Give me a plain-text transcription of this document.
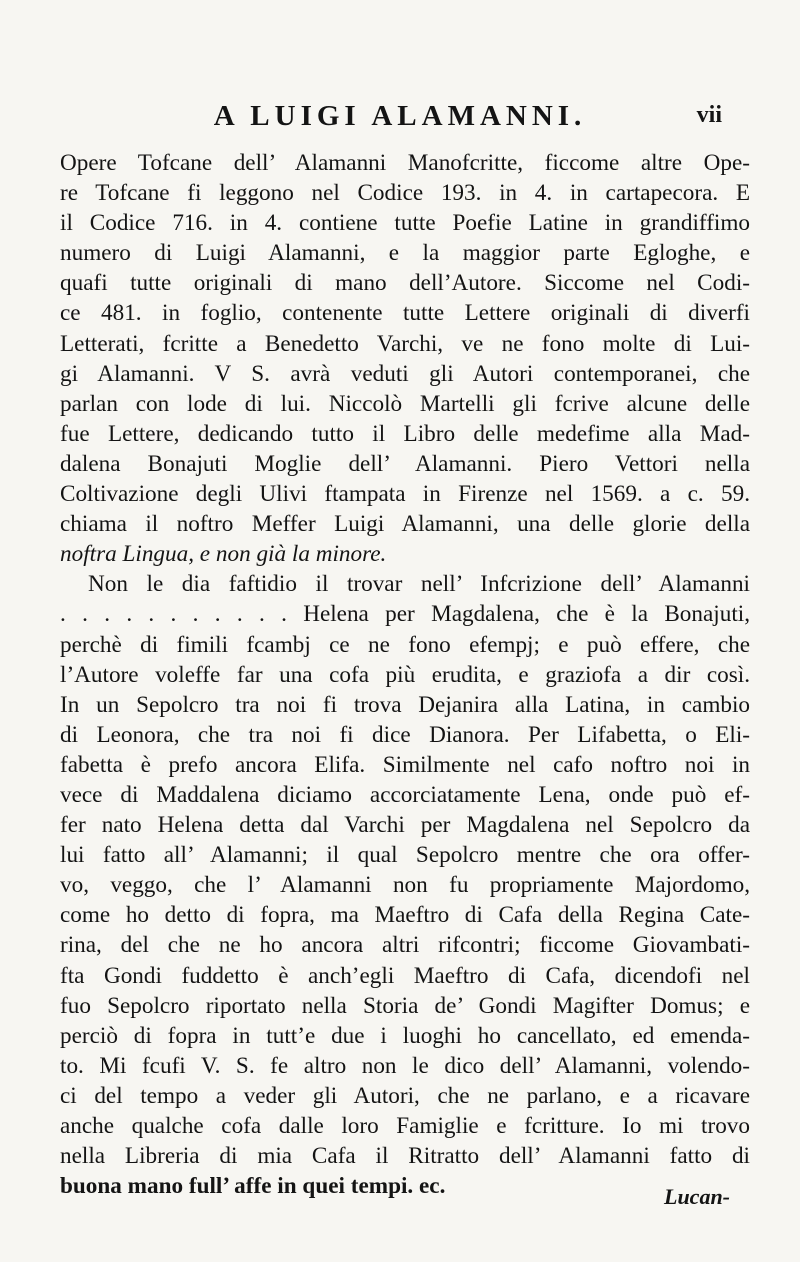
A LUIGI ALAMANNI.	vii
Opere Tofcane dell’ Alamanni Manofcritte, ficcome altre Ope-
re Tofcane fi leggono nel Codice 193. in 4. in cartapecora. E
il Codice 716. in 4. contiene tutte Poefie Latine in grandiffimo
numero di Luigi Alamanni, e la maggior parte Egloghe, e
quafi tutte originali di mano dell’Autore. Siccome nel Codi-
ce 481. in foglio, contenente tutte Lettere originali di diverfi
Letterati, fcritte a Benedetto Varchi, ve ne fono molte di Lui-
gi Alamanni. V S. avrà veduti gli Autori contemporanei, che
parlan con lode di lui. Niccolò Martelli gli fcrive alcune delle
fue Lettere, dedicando tutto il Libro delle medefime alla Mad-
dalena Bonajuti Moglie dell’ Alamanni. Piero Vettori nella
Coltivazione degli Ulivi ftampata in Firenze nel 1569. a c. 59.
chiama il noftro Meffer Luigi Alamanni, una delle glorie della
noftra Lingua, e non già la minore.
Non le dia faftidio il trovar nell’ Infcrizione dell’ Alamanni
. . . . . . . . . . . Helena per Magdalena, che è la Bonajuti,
perchè di fimili fcambj ce ne fono efempj; e può effere, che
l’Autore voleffe far una cofa più erudita, e graziofa a dir così.
In un Sepolcro tra noi fi trova Dejanira alla Latina, in cambio
di Leonora, che tra noi fi dice Dianora. Per Lifabetta, o Eli-
fabetta è prefo ancora Elifa. Similmente nel cafo noftro noi in
vece di Maddalena diciamo accorciatamente Lena, onde può ef-
fer nato Helena detta dal Varchi per Magdalena nel Sepolcro da
lui fatto all’ Alamanni; il qual Sepolcro mentre che ora offer-
vo, veggo, che l’ Alamanni non fu propriamente Majordomo,
come ho detto di fopra, ma Maeftro di Cafa della Regina Cate-
rina, del che ne ho ancora altri rifcontri; ficcome Giovambati-
fta Gondi fuddetto è anch’egli Maeftro di Cafa, dicendofi nel
fuo Sepolcro riportato nella Storia de’ Gondi Magifter Domus; e
perciò di fopra in tutt’e due i luoghi ho cancellato, ed emenda-
to. Mi fcufi V. S. fe altro non le dico dell’ Alamanni, volendo-
ci del tempo a veder gli Autori, che ne parlano, e a ricavare
anche qualche cofa dalle loro Famiglie e fcritture. Io mi trovo
nella Libreria di mia Cafa il Ritratto dell’ Alamanni fatto di
buona mano full’ affe in quei tempi. ec.	Lucan-
